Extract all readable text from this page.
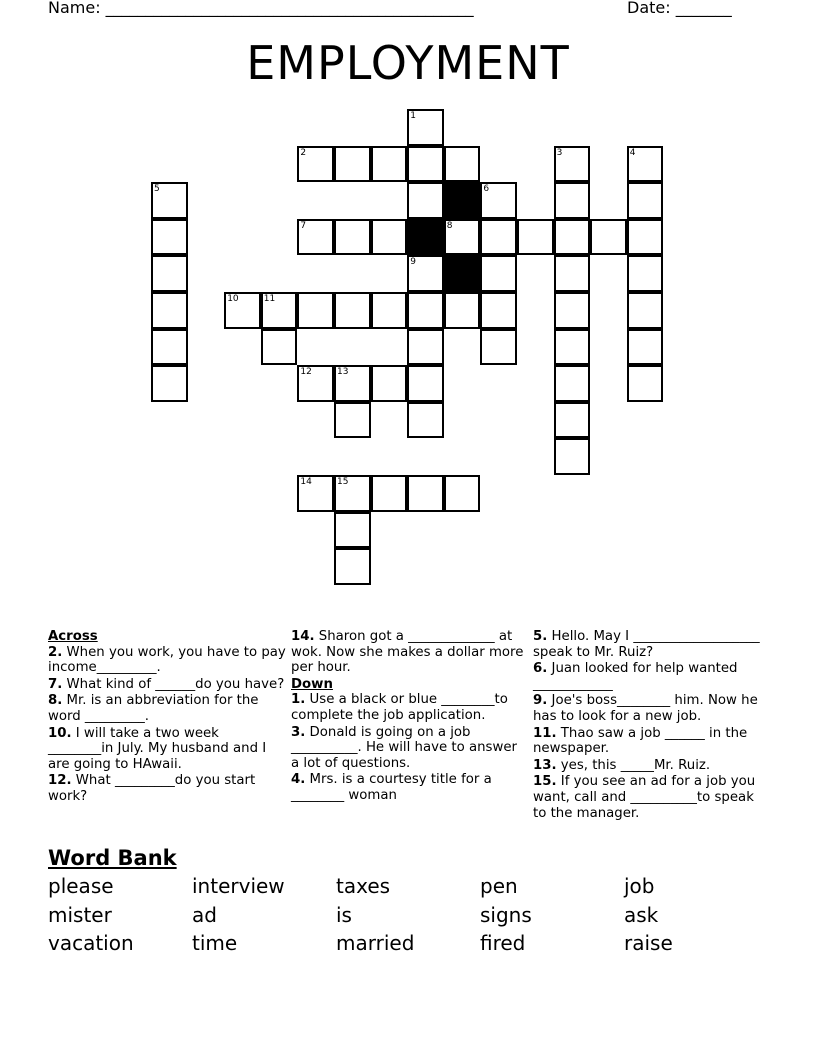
Name: ______________________________________________	Date: _______
EMPLOYMENT
1
2	3	4
5	6
7	8
9
10	11
12	13
14	15
Across
2. When you work, you have to pay income_________.
7. What kind of ______do you have?
8. Mr. is an abbreviation for the word _________.
10. I will take a two week ________in July. My husband and I are going to HAwaii.
12. What _________do you start work?
14. Sharon got a _____________ at wok. Now she makes a dollar more per hour.
Down
1. Use a black or blue ________to complete the job application.
3. Donald is going on a job __________. He will have to answer a lot of questions.
4. Mrs. is a courtesy title for a ________ woman
5. Hello. May I ___________________ speak to Mr. Ruiz?
6. Juan looked for help wanted ____________
9. Joe's boss________ him. Now he has to look for a new job.
11. Thao saw a job ______ in the newspaper.
13. yes, this _____Mr. Ruiz.
15. If you see an ad for a job you want, call and __________to speak to the manager.
Word Bank
please	interview	taxes	pen	job
mister	ad	is	signs	ask
vacation	time	married	fired	raise
